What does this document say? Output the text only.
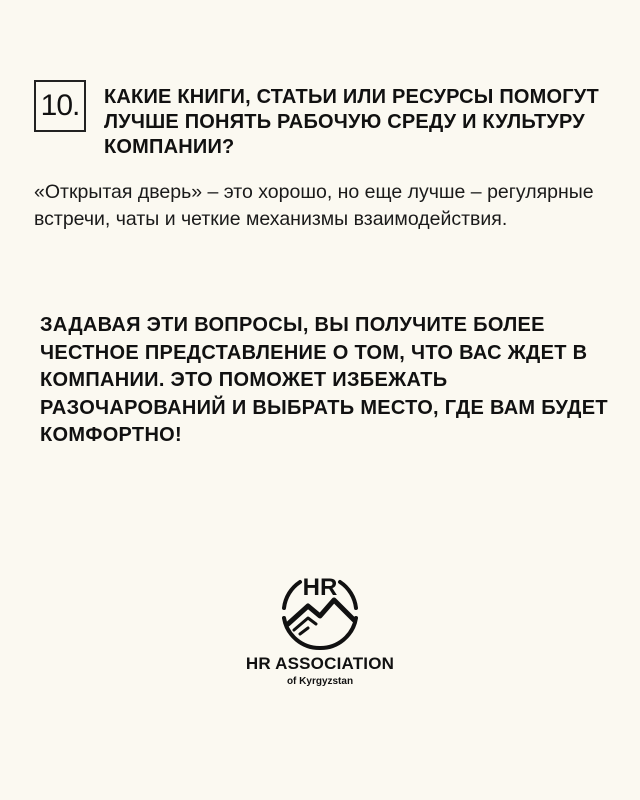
10. КАКИЕ КНИГИ, СТАТЬИ ИЛИ РЕСУРСЫ ПОМОГУТ ЛУЧШЕ ПОНЯТЬ РАБОЧУЮ СРЕДУ И КУЛЬТУРУ КОМПАНИИ?

«Открытая дверь» – это хорошо, но еще лучше – регулярные встречи, чаты и четкие механизмы взаимодействия.

ЗАДАВАЯ ЭТИ ВОПРОСЫ, ВЫ ПОЛУЧИТЕ БОЛЕЕ ЧЕСТНОЕ ПРЕДСТАВЛЕНИЕ О ТОМ, ЧТО ВАС ЖДЕТ В КОМПАНИИ. ЭТО ПОМОЖЕТ ИЗБЕЖАТЬ РАЗОЧАРОВАНИЙ И ВЫБРАТЬ МЕСТО, ГДЕ ВАМ БУДЕТ КОМФОРТНО!

HR
HR ASSOCIATION
of Kyrgyzstan
